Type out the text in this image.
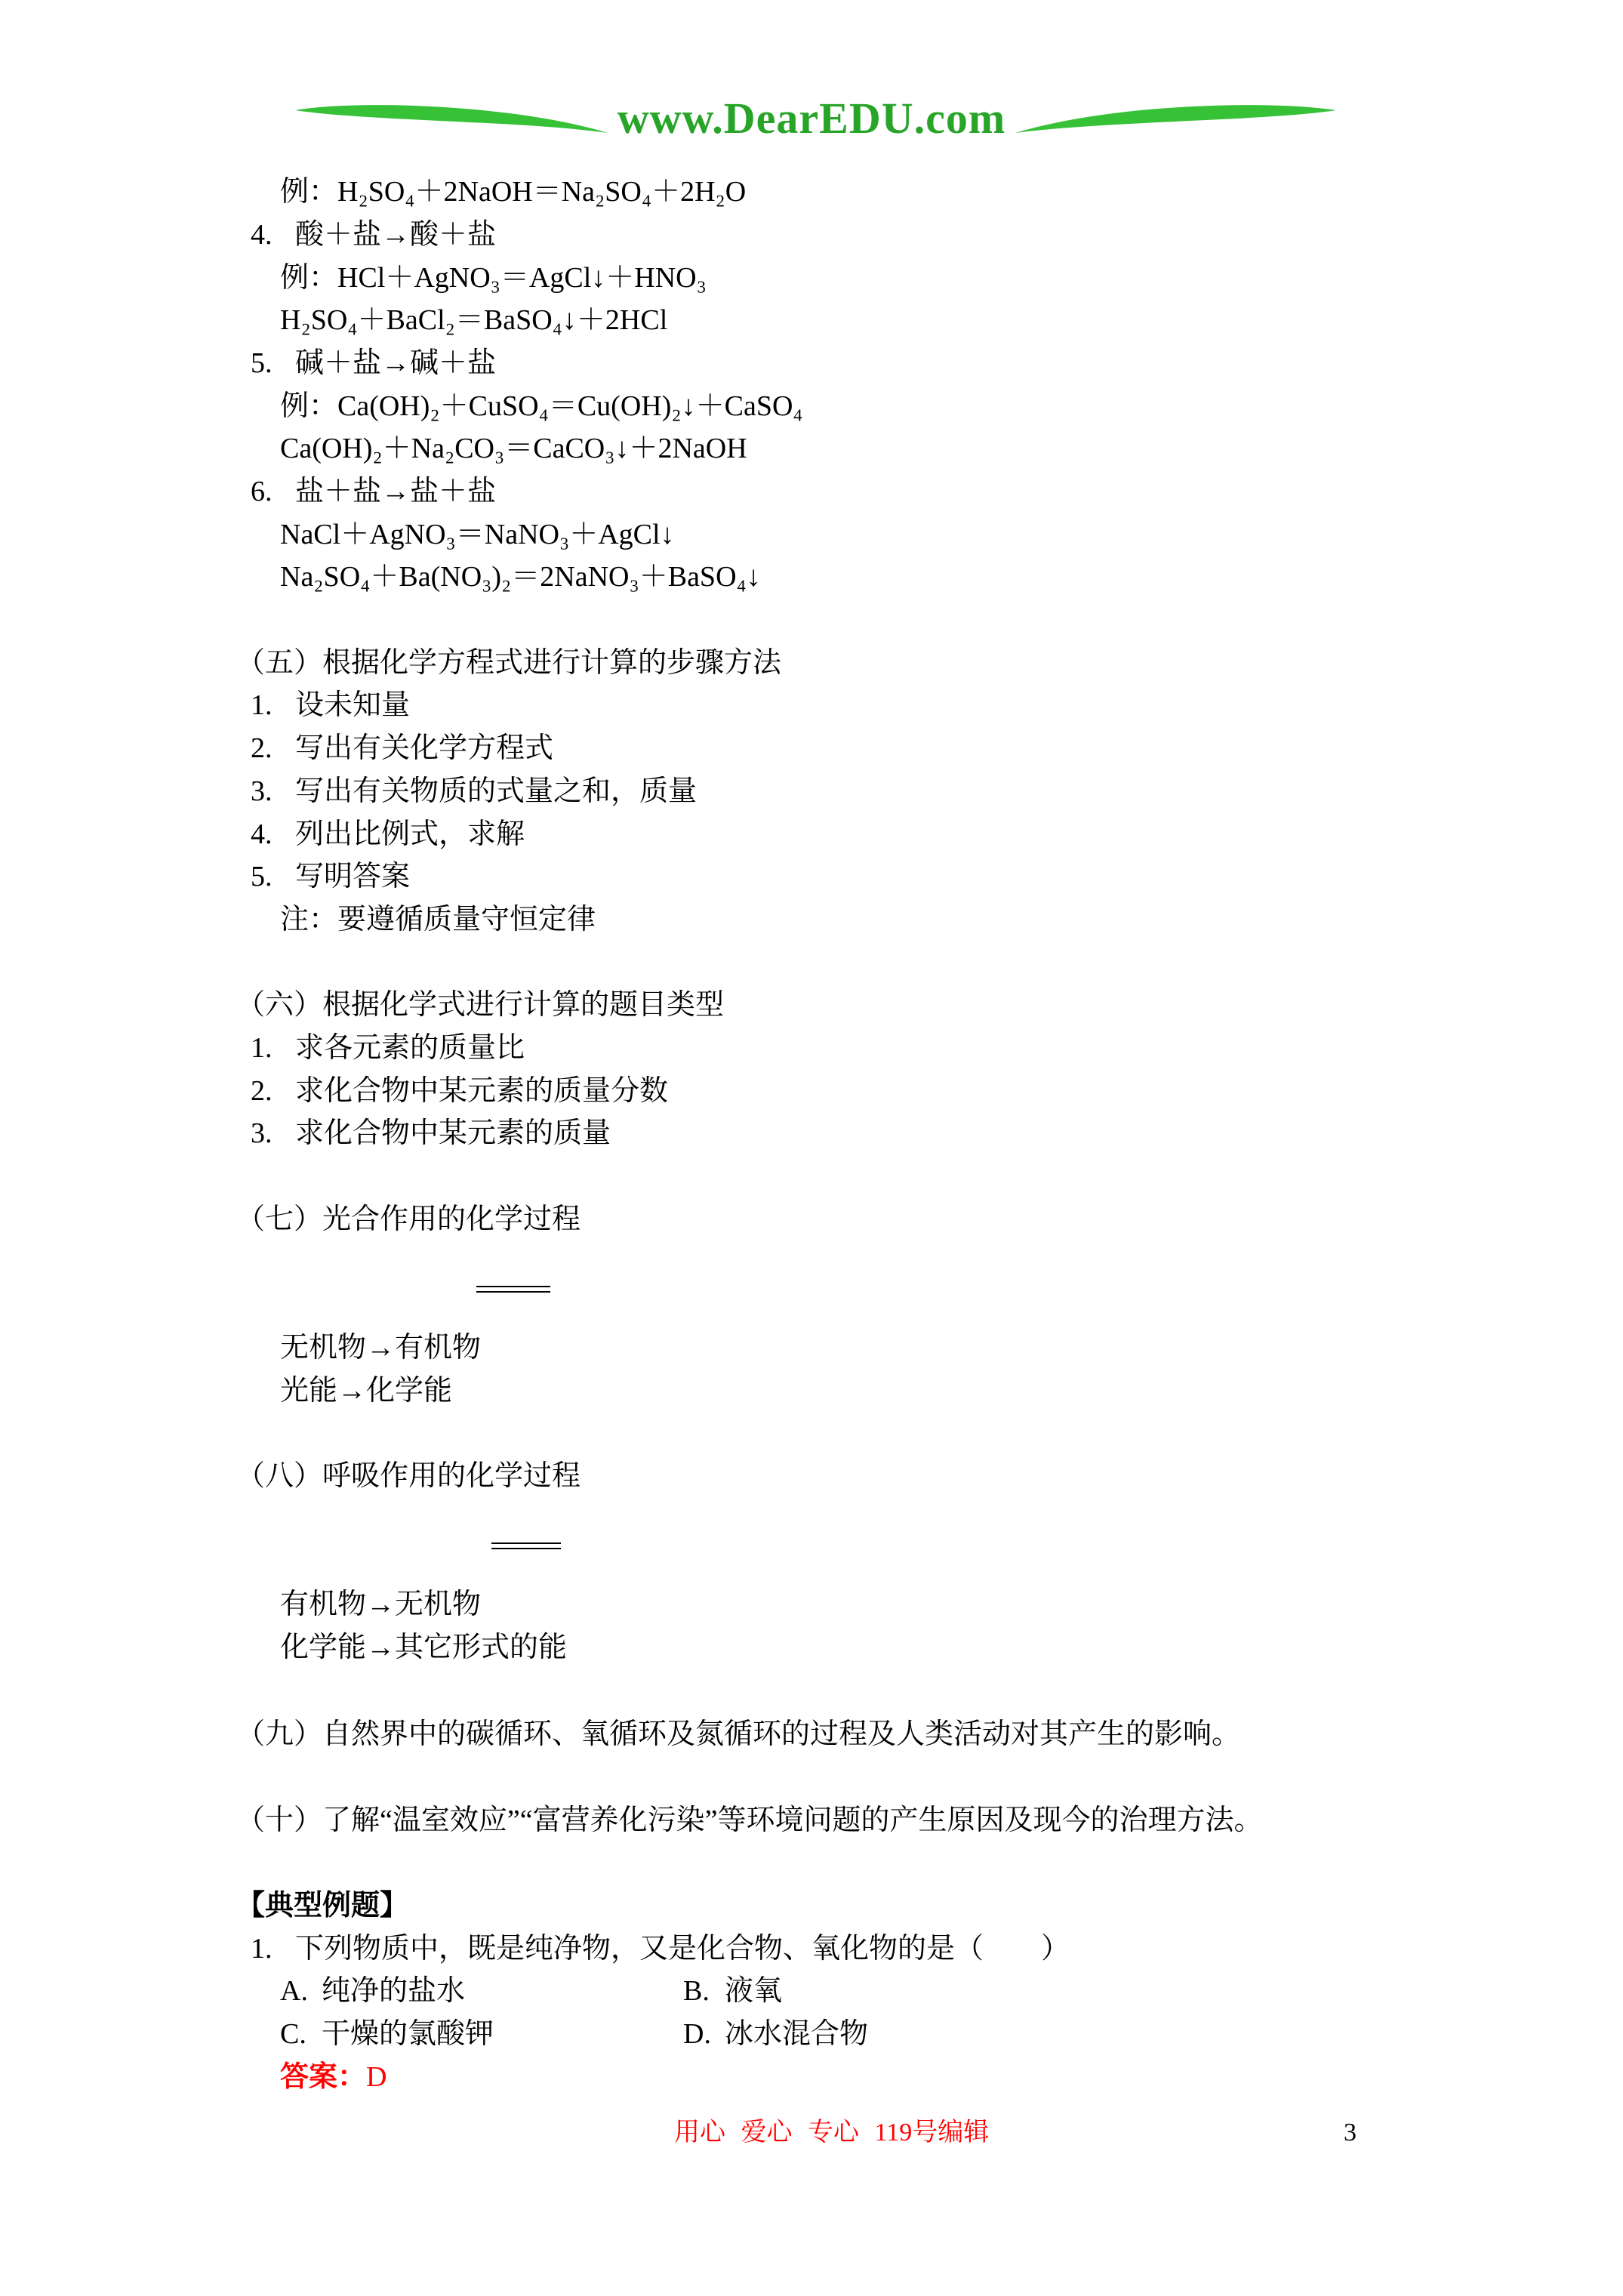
www.DearEDU.com
例：H₂SO₄＋2NaOH＝Na₂SO₄＋2H₂O
4. 酸＋盐→酸＋盐
例：HCl＋AgNO₃＝AgCl↓＋HNO₃
H₂SO₄＋BaCl₂＝BaSO₄↓＋2HCl
5. 碱＋盐→碱＋盐
例：Ca(OH)₂＋CuSO₄＝Cu(OH)₂↓＋CaSO₄
Ca(OH)₂＋Na₂CO₃＝CaCO₃↓＋2NaOH
6. 盐＋盐→盐＋盐
NaCl＋AgNO₃＝NaNO₃＋AgCl↓
Na₂SO₄＋Ba(NO₃)₂＝2NaNO₃＋BaSO₄↓
（五）根据化学方程式进行计算的步骤方法
1. 设未知量
2. 写出有关化学方程式
3. 写出有关物质的式量之和，质量
4. 列出比例式，求解
5. 写明答案
注：要遵循质量守恒定律
（六）根据化学式进行计算的题目类型
1. 求各元素的质量比
2. 求化合物中某元素的质量分数
3. 求化合物中某元素的质量
（七）光合作用的化学过程
无机物→有机物
光能→化学能
（八）呼吸作用的化学过程
有机物→无机物
化学能→其它形式的能
（九）自然界中的碳循环、氧循环及氮循环的过程及人类活动对其产生的影响。
（十）了解“温室效应”“富营养化污染”等环境问题的产生原因及现今的治理方法。
【典型例题】
1. 下列物质中，既是纯净物，又是化合物、氧化物的是（　　）
A. 纯净的盐水	B. 液氧
C. 干燥的氯酸钾	D. 冰水混合物
答案：D
用心 爱心 专心 119号编辑	3
